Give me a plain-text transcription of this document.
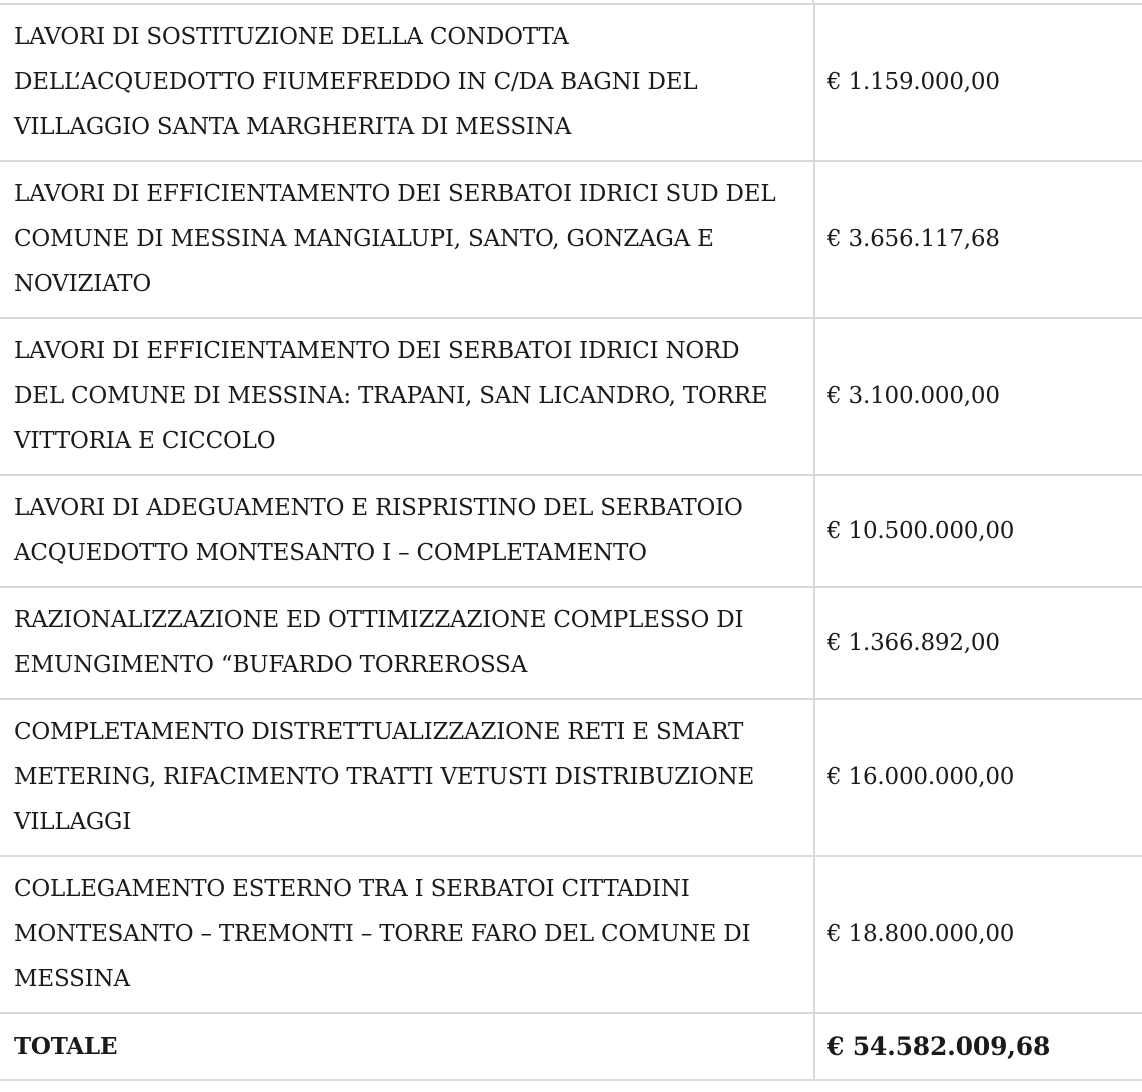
LAVORI DI SOSTITUZIONE DELLA CONDOTTA DELL’ACQUEDOTTO FIUMEFREDDO IN C/DA BAGNI DEL VILLAGGIO SANTA MARGHERITA DI MESSINA	€ 1.159.000,00
LAVORI DI EFFICIENTAMENTO DEI SERBATOI IDRICI SUD DEL COMUNE DI MESSINA MANGIALUPI, SANTO, GONZAGA E NOVIZIATO	€ 3.656.117,68
LAVORI DI EFFICIENTAMENTO DEI SERBATOI IDRICI NORD DEL COMUNE DI MESSINA: TRAPANI, SAN LICANDRO, TORRE VITTORIA E CICCOLO	€ 3.100.000,00
LAVORI DI ADEGUAMENTO E RISPRISTINO DEL SERBATOIO ACQUEDOTTO MONTESANTO I – COMPLETAMENTO	€ 10.500.000,00
RAZIONALIZZAZIONE ED OTTIMIZZAZIONE COMPLESSO DI EMUNGIMENTO “BUFARDO TORREROSSA	€ 1.366.892,00
COMPLETAMENTO DISTRETTUALIZZAZIONE RETI E SMART METERING, RIFACIMENTO TRATTI VETUSTI DISTRIBUZIONE VILLAGGI	€ 16.000.000,00
COLLEGAMENTO ESTERNO TRA I SERBATOI CITTADINI MONTESANTO – TREMONTI – TORRE FARO DEL COMUNE DI MESSINA	€ 18.800.000,00
TOTALE	€ 54.582.009,68
